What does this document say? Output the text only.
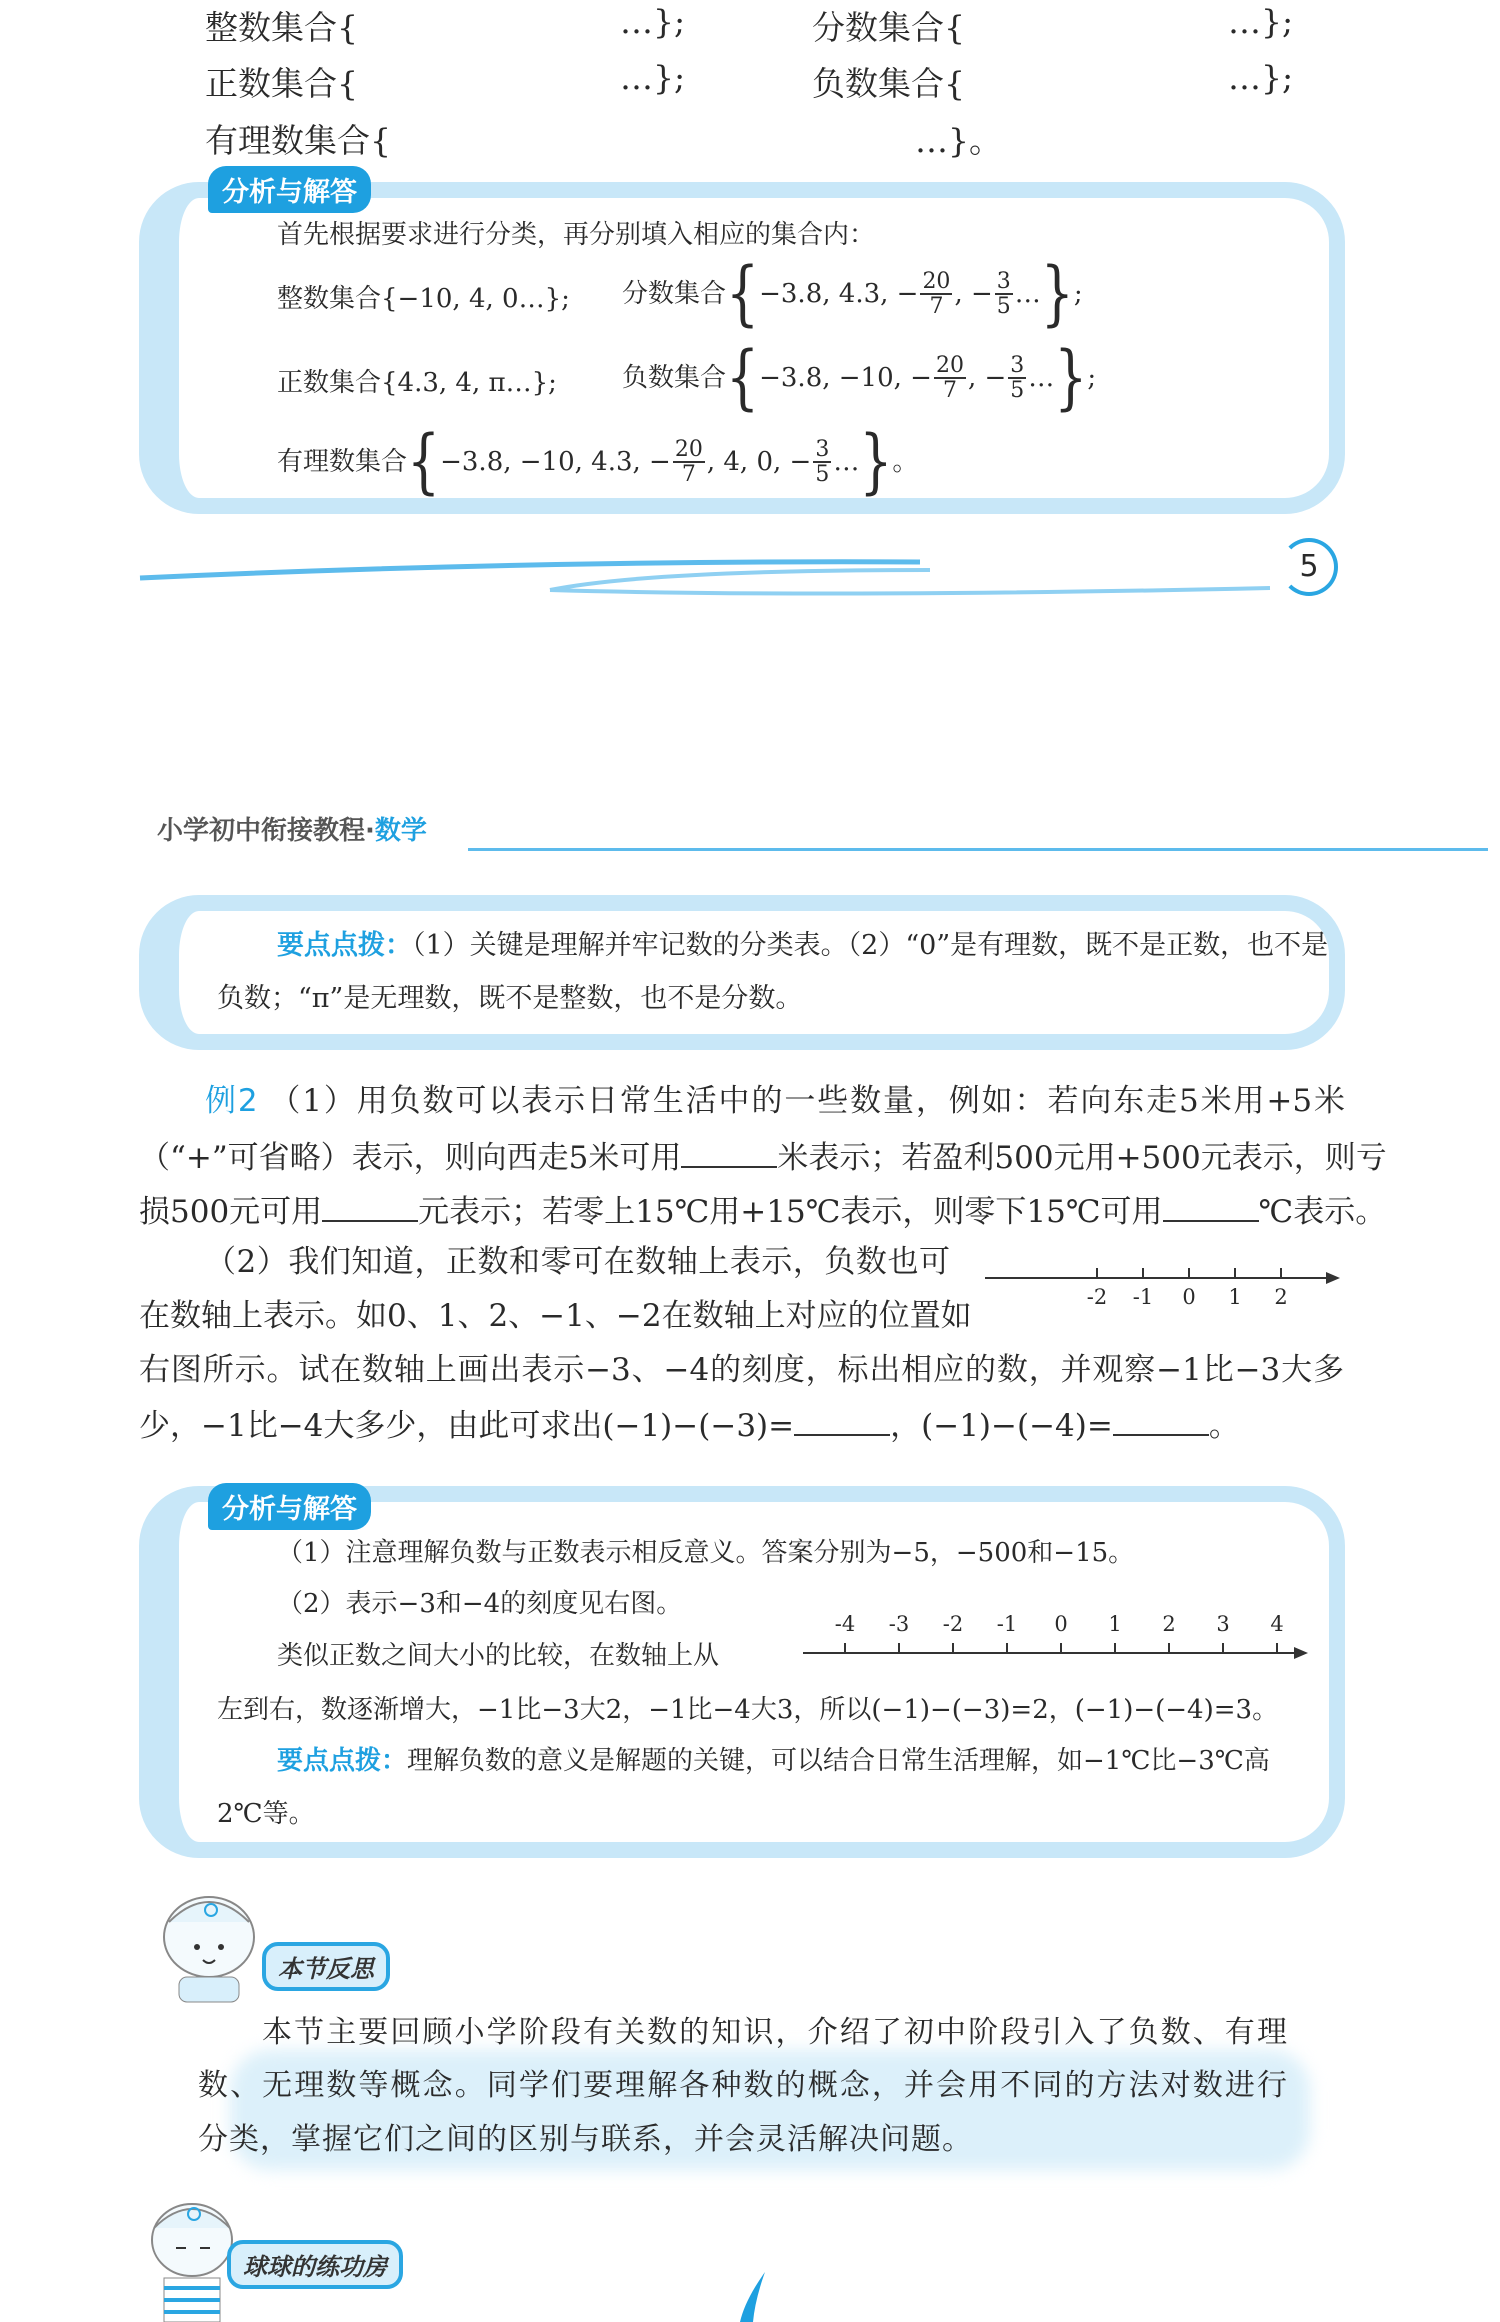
整数集合{	…};	分数集合{	…};
正数集合{	…};	负数集合{	…};
有理数集合{	…}。
分析与解答
首先根据要求进行分类，再分别填入相应的集合内：
整数集合{−10, 4, 0…}; 分数集合{−3.8, 4.3, − $\frac{20}{7}$ , − $\frac{3}{5}$ …};
正数集合{4.3, 4, π…};	负数集合{−3.8, −10, − $\frac{20}{7}$ , − $\frac{3}{5}$ …};
有理数集合{−3.8, −10, 4.3, − $\frac{20}{7}$ , 4, 0, − $\frac{3}{5}$ …}。
5
小学初中衔接教程·数学
要点点拨：（1）关键是理解并牢记数的分类表。（2）“0”是有理数，既不是正数，也不是
负数；“π”是无理数，既不是整数，也不是分数。
例2 （1）用负数可以表示日常生活中的一些数量，例如：若向东走5米用+5米
（“+”可省略）表示，则向西走5米可用	米表示；若盈利500元用+500元表示，则亏
损500元可用	元表示；若零上15℃用+15℃表示，则零下15℃可用	℃表示。
（2）我们知道，正数和零可在数轴上表示，负数也可
在数轴上表示。如0、1、2、−1、−2在数轴上对应的位置如
右图所示。试在数轴上画出表示−3、−4的刻度，标出相应的数，并观察−1比−3大多
少，−1比−4大多少，由此可求出(−1)−(−3)=	，(−1)−(−4)=	。
-2 -1 0 1 2
分析与解答
（1）注意理解负数与正数表示相反意义。答案分别为−5，−500和−15。
（2）表示−3和−4的刻度见右图。
类似正数之间大小的比较，在数轴上从
左到右，数逐渐增大，−1比−3大2，−1比−4大3，所以(−1)−(−3)=2，(−1)−(−4)=3。
要点点拨：理解负数的意义是解题的关键，可以结合日常生活理解，如−1℃比−3℃高
2℃等。
-4 -3 -2 -1 0 1 2 3 4
本节反思
本节主要回顾小学阶段有关数的知识，介绍了初中阶段引入了负数、有理
数、无理数等概念。同学们要理解各种数的概念，并会用不同的方法对数进行
分类，掌握它们之间的区别与联系，并会灵活解决问题。
球球的练功房
